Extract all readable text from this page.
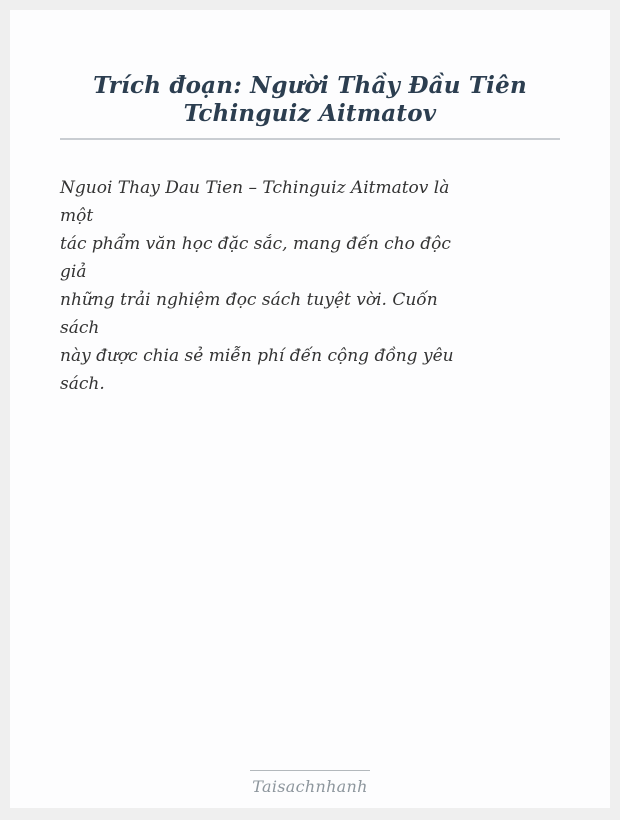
Trích đoạn: Người Thầy Đầu Tiên Tchinguiz Aitmatov
Nguoi Thay Dau Tien – Tchinguiz Aitmatov là
một
tác phẩm văn học đặc sắc, mang đến cho độc
giả
những trải nghiệm đọc sách tuyệt vời. Cuốn
sách
này được chia sẻ miễn phí đến cộng đồng yêu
sách.
Taisachnhanh
